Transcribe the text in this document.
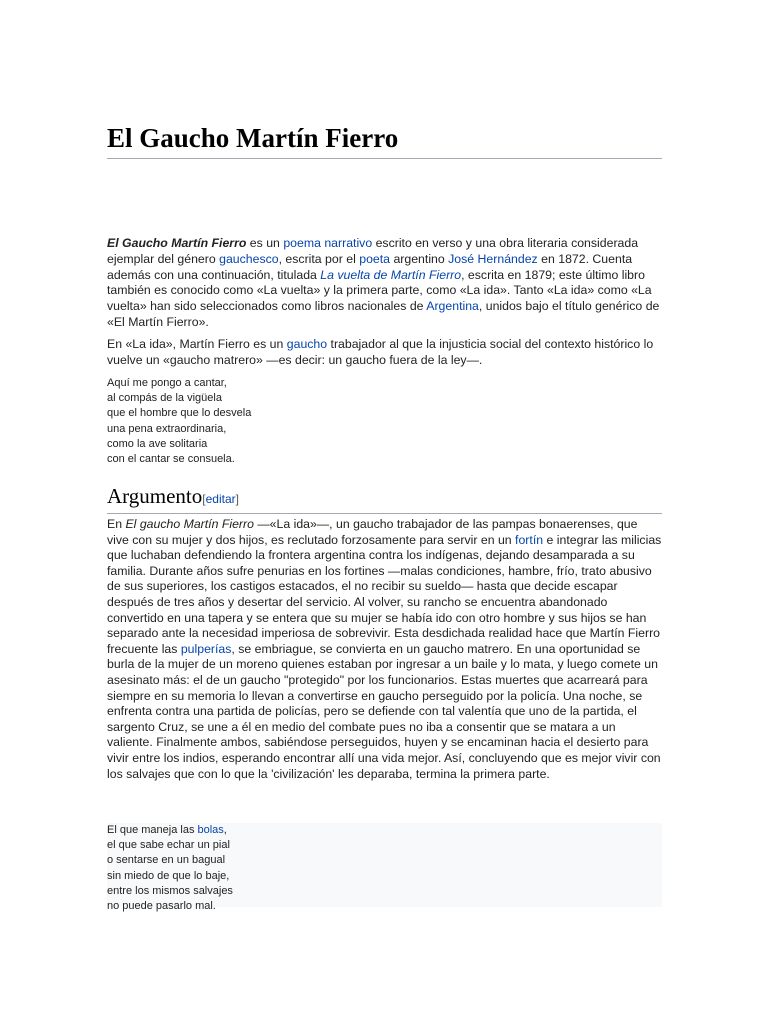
El Gaucho Martín Fierro

El Gaucho Martín Fierro es un poema narrativo escrito en verso y una obra literaria considerada ejemplar del género gauchesco, escrita por el poeta argentino José Hernández en 1872. Cuenta además con una continuación, titulada La vuelta de Martín Fierro, escrita en 1879; este último libro también es conocido como «La vuelta» y la primera parte, como «La ida». Tanto «La ida» como «La vuelta» han sido seleccionados como libros nacionales de Argentina, unidos bajo el título genérico de «El Martín Fierro».

En «La ida», Martín Fierro es un gaucho trabajador al que la injusticia social del contexto histórico lo vuelve un «gaucho matrero» —es decir: un gaucho fuera de la ley—.

Aquí me pongo a cantar,
al compás de la vigüela
que el hombre que lo desvela
una pena extraordinaria,
como la ave solitaria
con el cantar se consuela.
Argumento[editar]

En El gaucho Martín Fierro —«La ida»—, un gaucho trabajador de las pampas bonaerenses, que vive con su mujer y dos hijos, es reclutado forzosamente para servir en un fortín e integrar las milicias que luchaban defendiendo la frontera argentina contra los indígenas, dejando desamparada a su familia. Durante años sufre penurias en los fortines —malas condiciones, hambre, frío, trato abusivo de sus superiores, los castigos estacados, el no recibir su sueldo— hasta que decide escapar después de tres años y desertar del servicio. Al volver, su rancho se encuentra abandonado convertido en una tapera y se entera que su mujer se había ido con otro hombre y sus hijos se han separado ante la necesidad imperiosa de sobrevivir. Esta desdichada realidad hace que Martín Fierro frecuente las pulperías, se embriague, se convierta en un gaucho matrero. En una oportunidad se burla de la mujer de un moreno quienes estaban por ingresar a un baile y lo mata, y luego comete un asesinato más: el de un gaucho "protegido" por los funcionarios. Estas muertes que acarreará para siempre en su memoria lo llevan a convertirse en gaucho perseguido por la policía. Una noche, se enfrenta contra una partida de policías, pero se defiende con tal valentía que uno de la partida, el sargento Cruz, se une a él en medio del combate pues no iba a consentir que se matara a un valiente. Finalmente ambos, sabiéndose perseguidos, huyen y se encaminan hacia el desierto para vivir entre los indios, esperando encontrar allí una vida mejor. Así, concluyendo que es mejor vivir con los salvajes que con lo que la 'civilización' les deparaba, termina la primera parte.

El que maneja las bolas,
el que sabe echar un pial
o sentarse en un bagual
sin miedo de que lo baje,
entre los mismos salvajes
no puede pasarlo mal.
